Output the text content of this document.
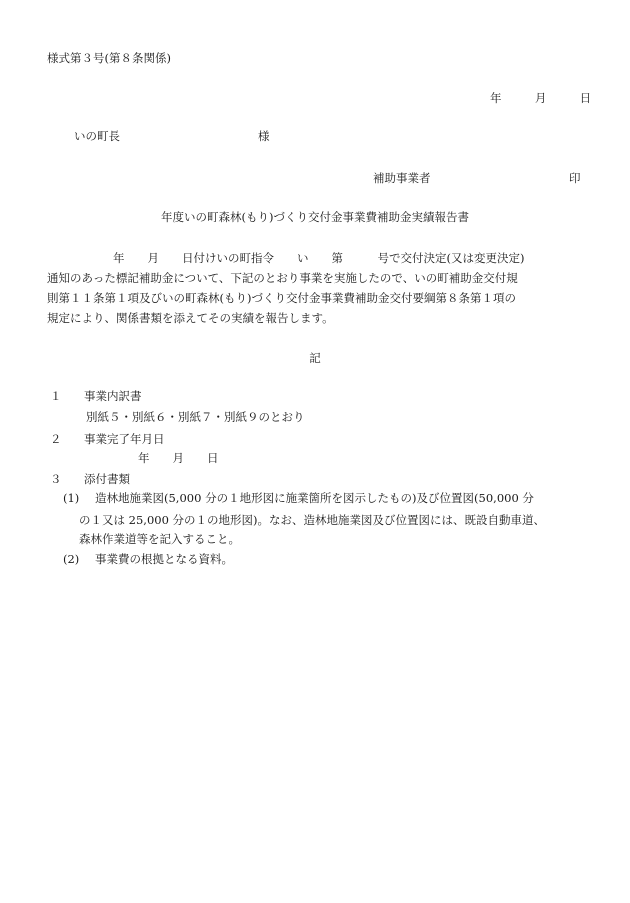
様式第３号(第８条関係)
年	月	日
いの町長	様
補助事業者	印
年度いの町森林(もり)づくり交付金事業費補助金実績報告書
年　　月　　日付けいの町指令　　い　　第　　　号で交付決定(又は変更決定)
通知のあった標記補助金について、下記のとおり事業を実施したので、いの町補助金交付規
則第１１条第１項及びいの町森林(もり)づくり交付金事業費補助金交付要綱第８条第１項の
規定により、関係書類を添えてその実績を報告します。
記
１ 事業内訳書
別紙５・別紙６・別紙７・別紙９のとおり
２ 事業完了年月日
年　　月　　日
３ 添付書類
(1) 造林地施業図(5,000 分の１地形図に施業箇所を図示したもの)及び位置図(50,000 分
の１又は 25,000 分の１の地形図)。なお、造林地施業図及び位置図には、既設自動車道、
森林作業道等を記入すること。
(2) 事業費の根拠となる資料。
